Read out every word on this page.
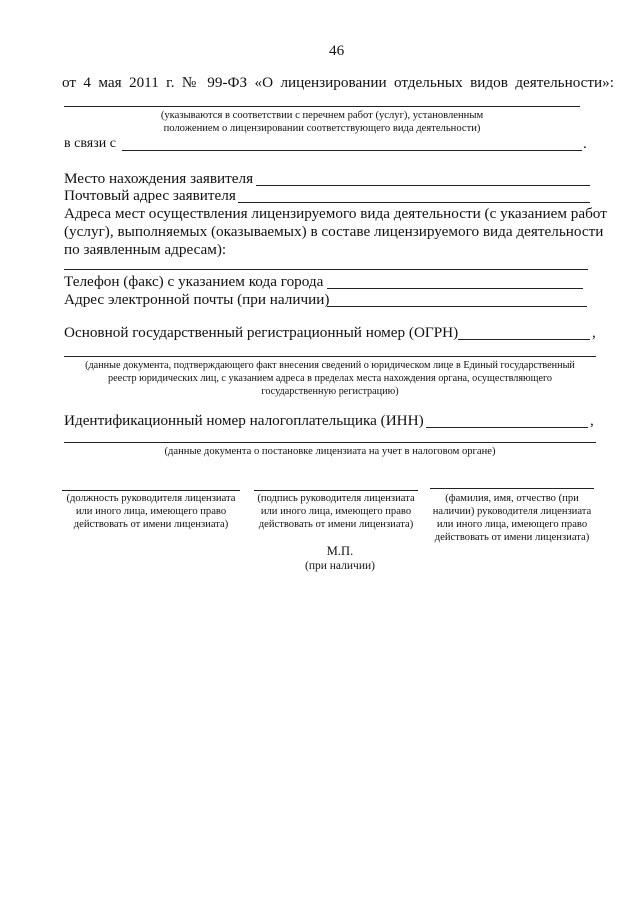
46
от 4 мая 2011 г. № 99-ФЗ «О лицензировании отдельных видов деятельности»:
(указываются в соответствии с перечнем работ (услуг), установленным
положением о лицензировании соответствующего вида деятельности)
в связи с	.
Место нахождения заявителя
Почтовый адрес заявителя
Адреса мест осуществления лицензируемого вида деятельности (с указанием работ
(услуг), выполняемых (оказываемых) в составе лицензируемого вида деятельности
по заявленным адресам):
Телефон (факс) с указанием кода города
Адрес электронной почты (при наличии)
Основной государственный регистрационный номер (ОГРН)	,
(данные документа, подтверждающего факт внесения сведений о юридическом лице в Единый государственный
реестр юридических лиц, с указанием адреса в пределах места нахождения органа, осуществляющего
государственную регистрацию)
Идентификационный номер налогоплательщика (ИНН)	,
(данные документа о постановке лицензиата на учет в налоговом органе)
(должность руководителя лицензиата
или иного лица, имеющего право
действовать от имени лицензиата)
(подпись руководителя лицензиата
или иного лица, имеющего право
действовать от имени лицензиата)
(фамилия, имя, отчество (при
наличии) руководителя лицензиата
или иного лица, имеющего право
действовать от имени лицензиата)
М.П.
(при наличии)
